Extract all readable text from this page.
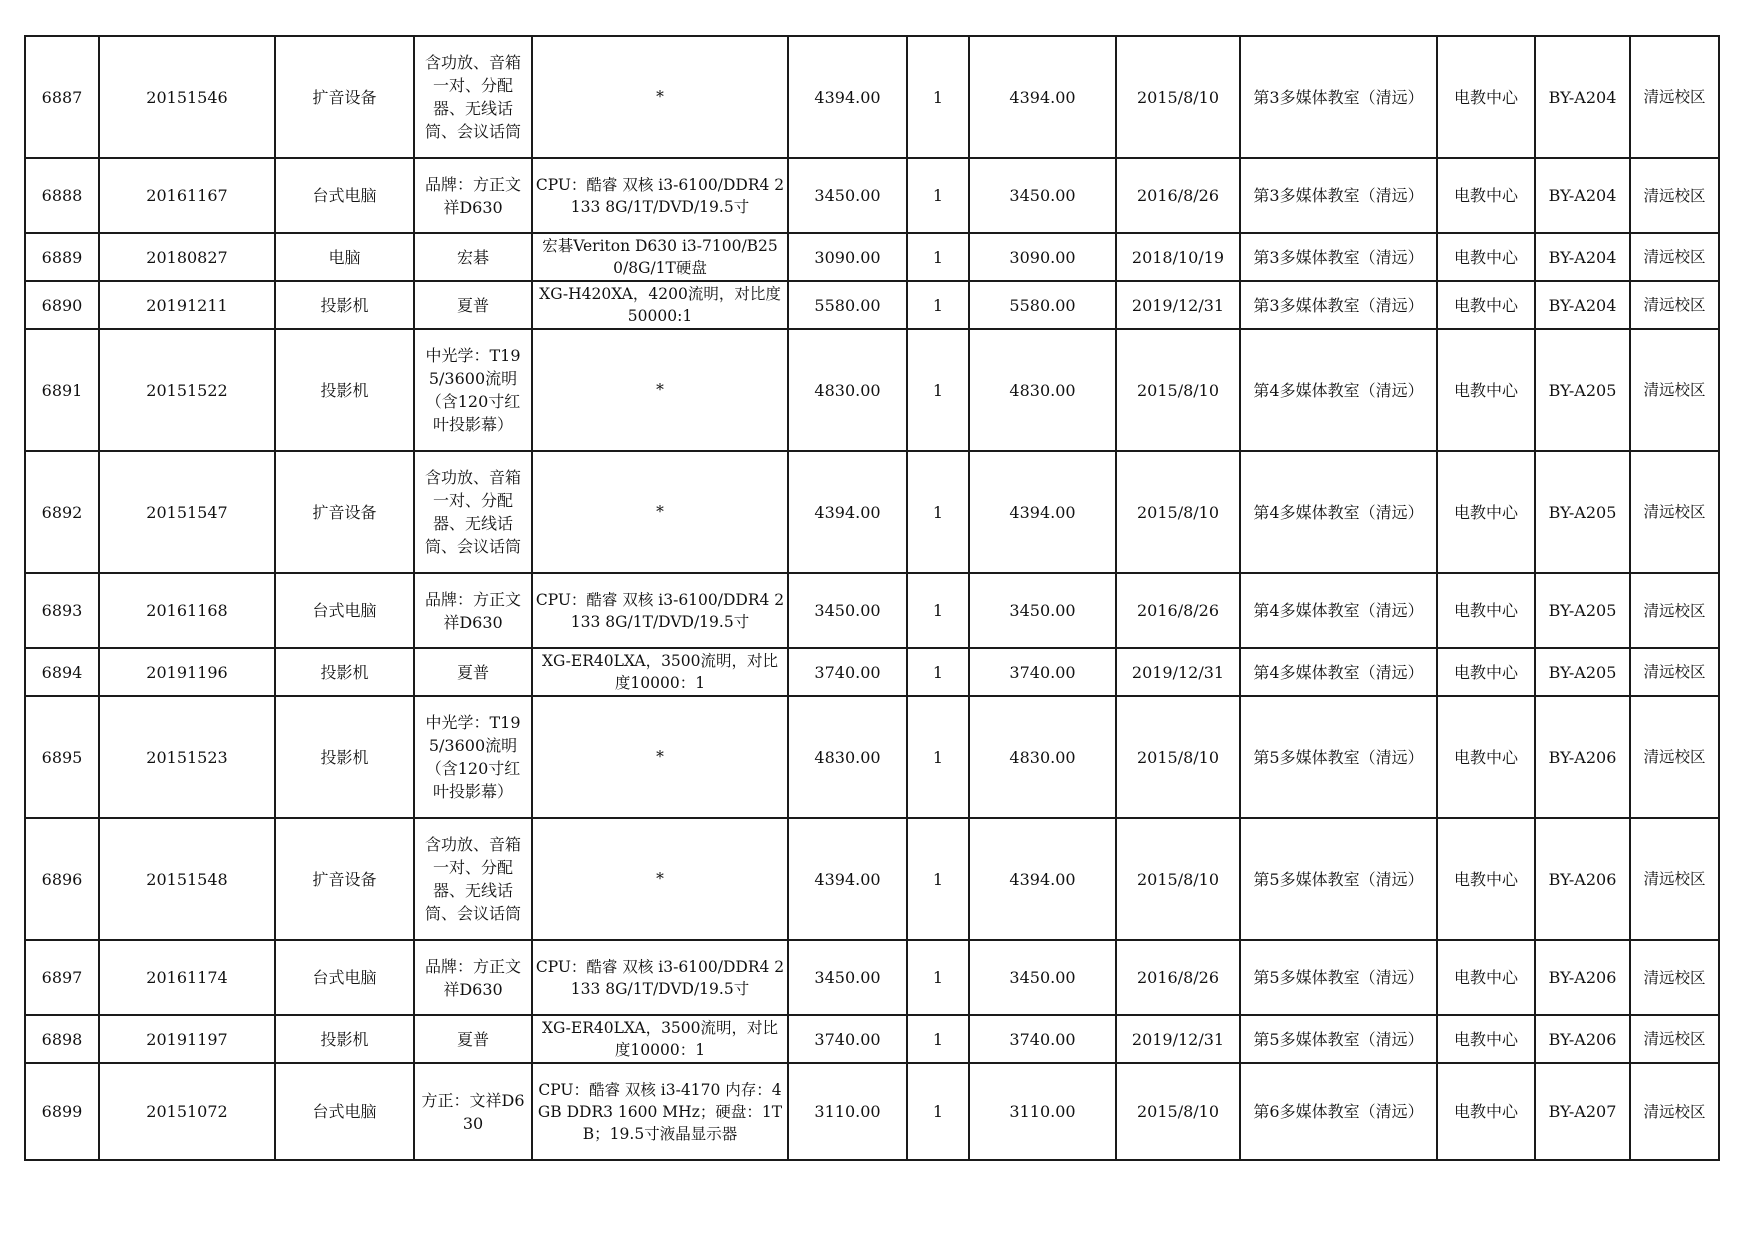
6887	20151546	扩音设备	含功放、音箱一对、分配器、无线话筒、会议话筒	*	4394.00	1	4394.00	2015/8/10	第3多媒体教室（清远）	电教中心	BY-A204	清远校区
6888	20161167	台式电脑	品牌：方正文祥D630	CPU：酷睿 双核 i3-6100/DDR4 2133 8G/1T/DVD/19.5寸	3450.00	1	3450.00	2016/8/26	第3多媒体教室（清远）	电教中心	BY-A204	清远校区
6889	20180827	电脑	宏碁	宏碁Veriton D630 i3-7100/B250/8G/1T硬盘	3090.00	1	3090.00	2018/10/19	第3多媒体教室（清远）	电教中心	BY-A204	清远校区
6890	20191211	投影机	夏普	XG-H420XA，4200流明，对比度50000:1	5580.00	1	5580.00	2019/12/31	第3多媒体教室（清远）	电教中心	BY-A204	清远校区
6891	20151522	投影机	中光学：T195/3600流明（含120寸红叶投影幕）	*	4830.00	1	4830.00	2015/8/10	第4多媒体教室（清远）	电教中心	BY-A205	清远校区
6892	20151547	扩音设备	含功放、音箱一对、分配器、无线话筒、会议话筒	*	4394.00	1	4394.00	2015/8/10	第4多媒体教室（清远）	电教中心	BY-A205	清远校区
6893	20161168	台式电脑	品牌：方正文祥D630	CPU：酷睿 双核 i3-6100/DDR4 2133 8G/1T/DVD/19.5寸	3450.00	1	3450.00	2016/8/26	第4多媒体教室（清远）	电教中心	BY-A205	清远校区
6894	20191196	投影机	夏普	XG-ER40LXA，3500流明，对比度10000：1	3740.00	1	3740.00	2019/12/31	第4多媒体教室（清远）	电教中心	BY-A205	清远校区
6895	20151523	投影机	中光学：T195/3600流明（含120寸红叶投影幕）	*	4830.00	1	4830.00	2015/8/10	第5多媒体教室（清远）	电教中心	BY-A206	清远校区
6896	20151548	扩音设备	含功放、音箱一对、分配器、无线话筒、会议话筒	*	4394.00	1	4394.00	2015/8/10	第5多媒体教室（清远）	电教中心	BY-A206	清远校区
6897	20161174	台式电脑	品牌：方正文祥D630	CPU：酷睿 双核 i3-6100/DDR4 2133 8G/1T/DVD/19.5寸	3450.00	1	3450.00	2016/8/26	第5多媒体教室（清远）	电教中心	BY-A206	清远校区
6898	20191197	投影机	夏普	XG-ER40LXA，3500流明，对比度10000：1	3740.00	1	3740.00	2019/12/31	第5多媒体教室（清远）	电教中心	BY-A206	清远校区
6899	20151072	台式电脑	方正：文祥D630	CPU：酷睿 双核 i3-4170 内存：4GB DDR3 1600 MHz；硬盘：1TB；19.5寸液晶显示器	3110.00	1	3110.00	2015/8/10	第6多媒体教室（清远）	电教中心	BY-A207	清远校区
